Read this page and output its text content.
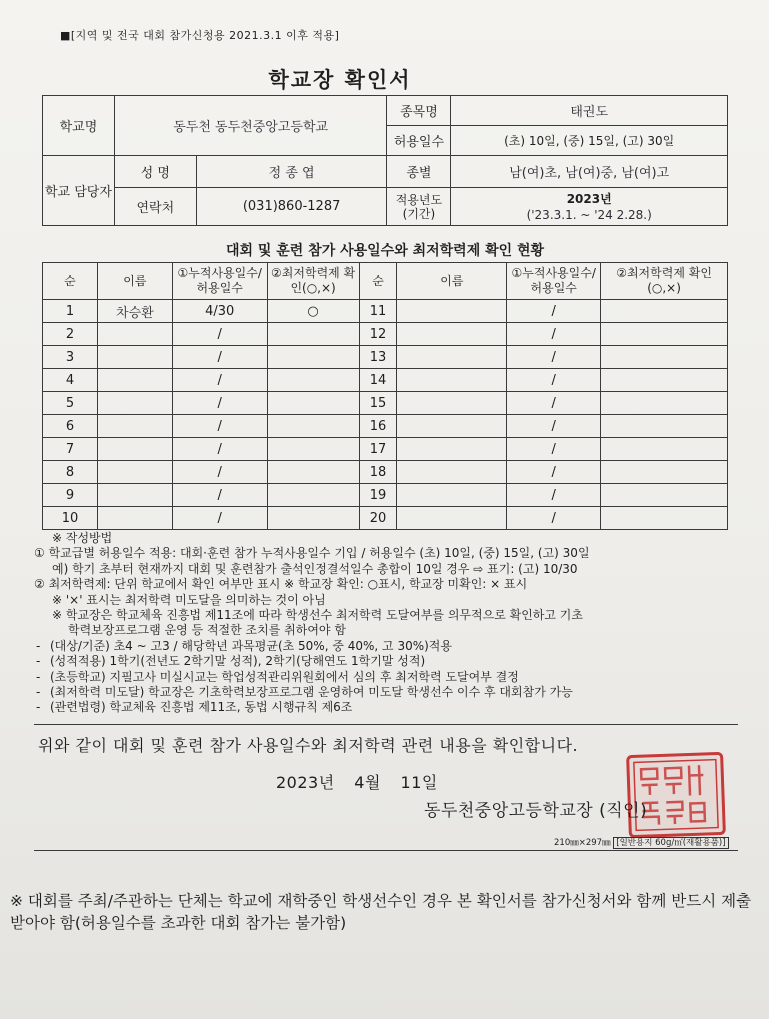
■[지역 및 전국 대회 참가신청용 2021.3.1 이후 적용]
학교장 확인서
학교명	동두천 동두천중앙고등학교		종목명	태권도
			허용일수	(초) 10일, (중) 15일, (고) 30일
학교 담당자	성 명	정 종 엽	종별	남(여)초, 남(여)중, 남(여)고
	연락처	(031)860-1287	적용년도 (기간)	2023년
('23.3.1. ~ '24 2.28.)
대회 및 훈련 참가 사용일수와 최저학력제 확인 현황
순	이름	①누적사용일수/허용일수	②최저학력제 확인(○,×)	순	이름	①누적사용일수/허용일수	②최저학력제 확인(○,×)
1	차승환	4/30	○	11		/	
2		/		12		/	
3		/		13		/	
4		/		14		/	
5		/		15		/	
6		/		16		/	
7		/		17		/	
8		/		18		/	
9		/		19		/	
10		/		20		/	
※ 작성방법
① 학교급별 허용일수 적용: 대회·훈련 참가 누적사용일수 기입 / 허용일수 (초) 10일, (중) 15일, (고) 30일
예) 학기 초부터 현재까지 대회 및 훈련참가 출석인정결석일수 총합이 10일 경우 ⇨ 표기: (고) 10/30
② 최저학력제: 단위 학교에서 확인 여부만 표시 ※ 학교장 확인: ○표시, 학교장 미확인: × 표시
※ '×' 표시는 최저학력 미도달을 의미하는 것이 아님
※ 학교장은 학교체육 진흥법 제11조에 따라 학생선수 최저학력 도달여부를 의무적으로 확인하고 기초
학력보장프로그램 운영 등 적절한 조치를 취하여야 함
- (대상/기준) 초4 ~ 고3 / 해당학년 과목평균(초 50%, 중 40%, 고 30%)적용
- (성적적용) 1학기(전년도 2학기말 성적), 2학기(당해연도 1학기말 성적)
- (초등학교) 지필고사 미실시교는 학업성적관리위원회에서 심의 후 최저학력 도달여부 결정
- (최저학력 미도달) 학교장은 기초학력보장프로그램 운영하여 미도달 학생선수 이수 후 대회참가 가능
- (관련법령) 학교체육 진흥법 제11조, 동법 시행규칙 제6조
위와 같이 대회 및 훈련 참가 사용일수와 최저학력 관련 내용을 확인합니다.
2023년 4월 11일
동두천중앙고등학교장 (직인)
210㎜×297㎜ [일반용지 60g/㎡(재활용품)]
※ 대회를 주최/주관하는 단체는 학교에 재학중인 학생선수인 경우 본 확인서를 참가신청서와 함께 반드시 제출받아야 함(허용일수를 초과한 대회 참가는 불가함)
